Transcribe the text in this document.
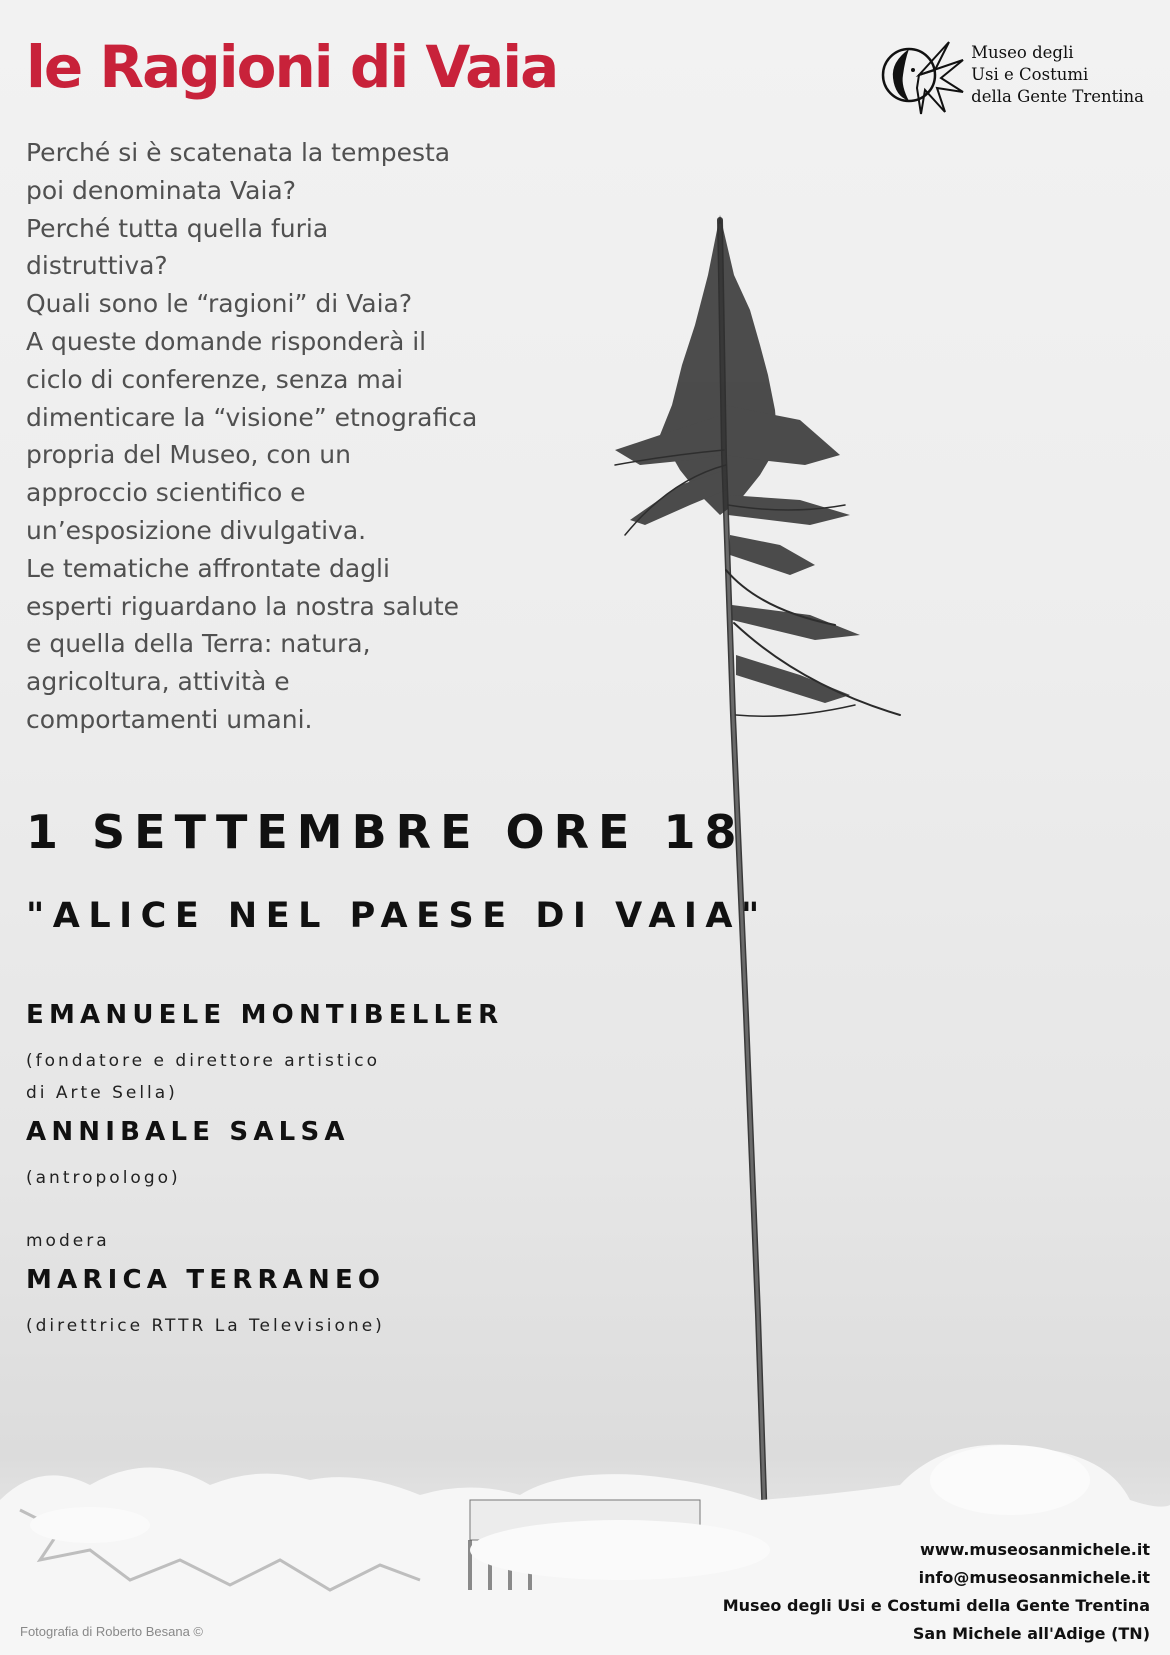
le Ragioni di Vaia	Museo degli
Usi e Costumi
della Gente Trentina
Perché si è scatenata la tempesta
poi denominata Vaia?
Perché tutta quella furia
distruttiva?
Quali sono le “ragioni” di Vaia?
A queste domande risponderà il
ciclo di conferenze, senza mai
dimenticare la “visione” etnografica
propria del Museo, con un
approccio scientifico e
un’esposizione divulgativa.
Le tematiche affrontate dagli
esperti riguardano la nostra salute
e quella della Terra: natura,
agricoltura, attività e
comportamenti umani.
1 SETTEMBRE ORE 18
"ALICE NEL PAESE DI VAIA"
EMANUELE MONTIBELLER
(fondatore e direttore artistico
di Arte Sella)
ANNIBALE SALSA
(antropologo)
modera
MARICA TERRANEO
(direttrice RTTR La Televisione)
www.museosanmichele.it
info@museosanmichele.it
Museo degli Usi e Costumi della Gente Trentina
San Michele all'Adige (TN)
Fotografia di Roberto Besana ©
